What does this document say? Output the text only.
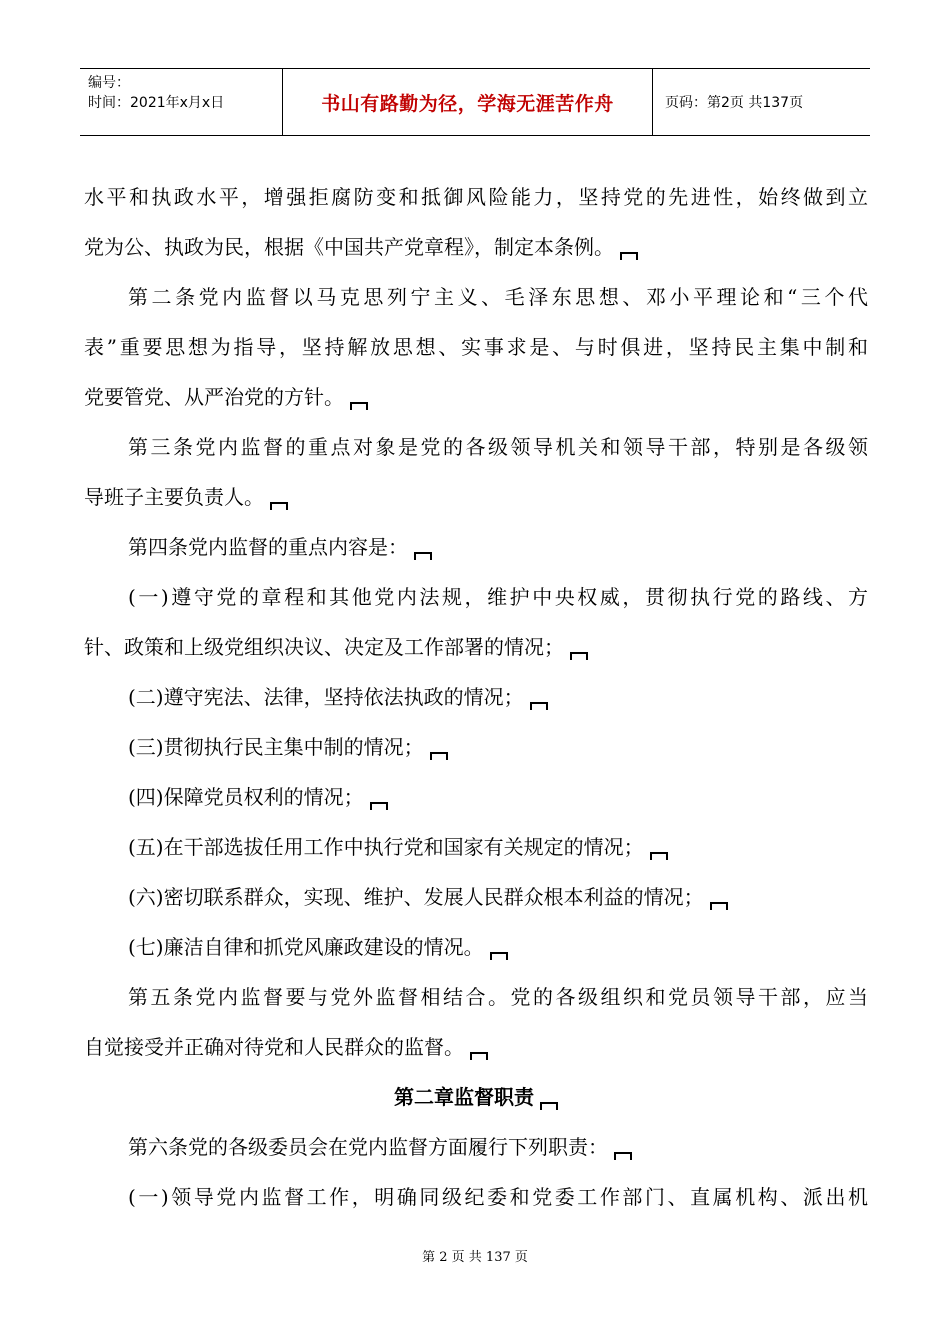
编号：
时间：2021年x月x日	书山有路勤为径，学海无涯苦作舟	页码：第2页 共137页
水平和执政水平，增强拒腐防变和抵御风险能力，坚持党的先进性，始终做到立
党为公、执政为民，根据《中国共产党章程》，制定本条例。
第二条党内监督以马克思列宁主义、毛泽东思想、邓小平理论和“三个代
表”重要思想为指导，坚持解放思想、实事求是、与时俱进，坚持民主集中制和
党要管党、从严治党的方针。
第三条党内监督的重点对象是党的各级领导机关和领导干部，特别是各级领
导班子主要负责人。
第四条党内监督的重点内容是：
(一)遵守党的章程和其他党内法规，维护中央权威，贯彻执行党的路线、方
针、政策和上级党组织决议、决定及工作部署的情况；
(二)遵守宪法、法律，坚持依法执政的情况；
(三)贯彻执行民主集中制的情况；
(四)保障党员权利的情况；
(五)在干部选拔任用工作中执行党和国家有关规定的情况；
(六)密切联系群众，实现、维护、发展人民群众根本利益的情况；
(七)廉洁自律和抓党风廉政建设的情况。
第五条党内监督要与党外监督相结合。党的各级组织和党员领导干部，应当
自觉接受并正确对待党和人民群众的监督。
第二章监督职责
第六条党的各级委员会在党内监督方面履行下列职责：
(一)领导党内监督工作，明确同级纪委和党委工作部门、直属机构、派出机
第 2 页 共 137 页
